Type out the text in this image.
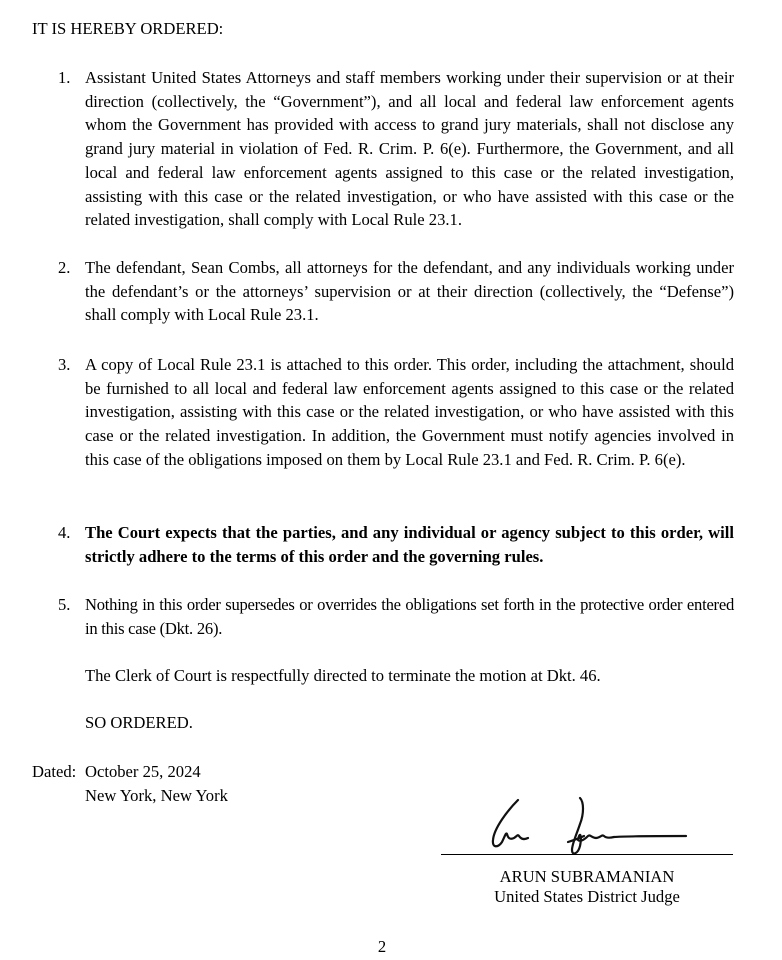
IT IS HEREBY ORDERED:
1. Assistant United States Attorneys and staff members working under their supervision or at their direction (collectively, the “Government”), and all local and federal law enforcement agents whom the Government has provided with access to grand jury materials, shall not disclose any grand jury material in violation of Fed. R. Crim. P. 6(e). Furthermore, the Government, and all local and federal law enforcement agents assigned to this case or the related investigation, assisting with this case or the related investigation, or who have assisted with this case or the related investigation, shall comply with Local Rule 23.1.
2. The defendant, Sean Combs, all attorneys for the defendant, and any individuals working under the defendant’s or the attorneys’ supervision or at their direction (collectively, the “Defense”) shall comply with Local Rule 23.1.
3. A copy of Local Rule 23.1 is attached to this order. This order, including the attachment, should be furnished to all local and federal law enforcement agents assigned to this case or the related investigation, assisting with this case or the related investigation, or who have assisted with this case or the related investigation. In addition, the Government must notify agencies involved in this case of the obligations imposed on them by Local Rule 23.1 and Fed. R. Crim. P. 6(e).
4. The Court expects that the parties, and any individual or agency subject to this order, will strictly adhere to the terms of this order and the governing rules.
5. Nothing in this order supersedes or overrides the obligations set forth in the protective order entered in this case (Dkt. 26).
The Clerk of Court is respectfully directed to terminate the motion at Dkt. 46.
SO ORDERED.
Dated: October 25, 2024
New York, New York
ARUN SUBRAMANIAN
United States District Judge
2
